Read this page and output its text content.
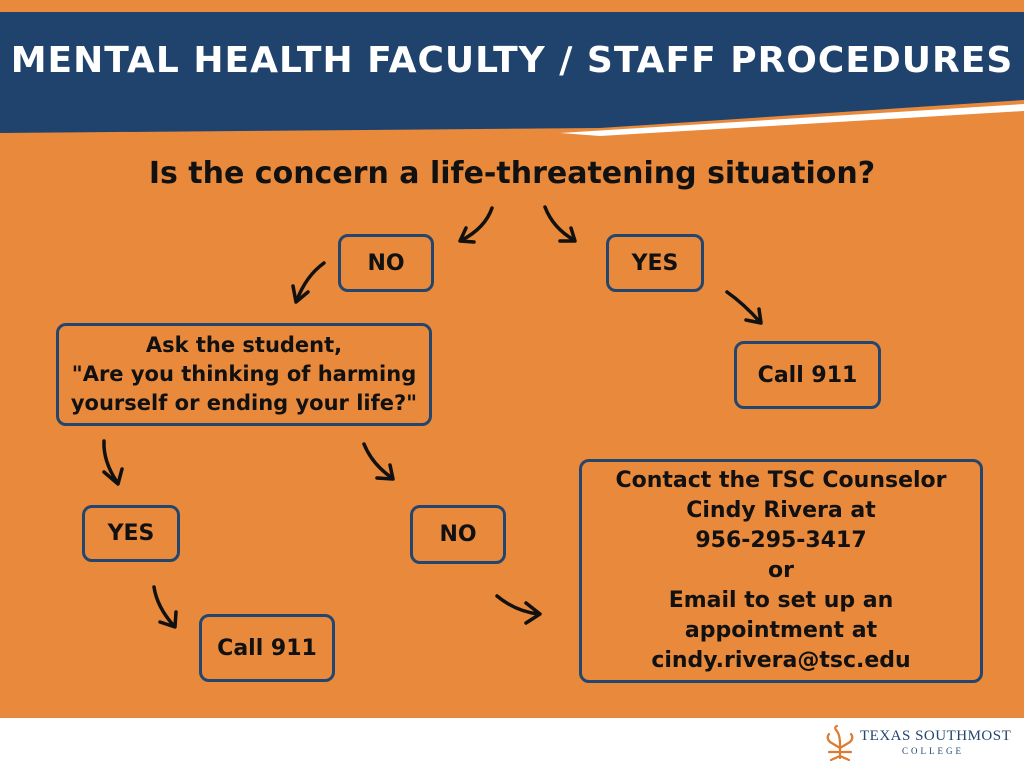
MENTAL HEALTH FACULTY / STAFF PROCEDURES
Is the concern a life-threatening situation?
NO	YES
Call 911
Ask the student,
"Are you thinking of harming
yourself or ending your life?"
YES	NO
Call 911
Contact the TSC Counselor
Cindy Rivera at
956-295-3417
or
Email to set up an
appointment at
cindy.rivera@tsc.edu
TEXAS SOUTHMOST
COLLEGE
